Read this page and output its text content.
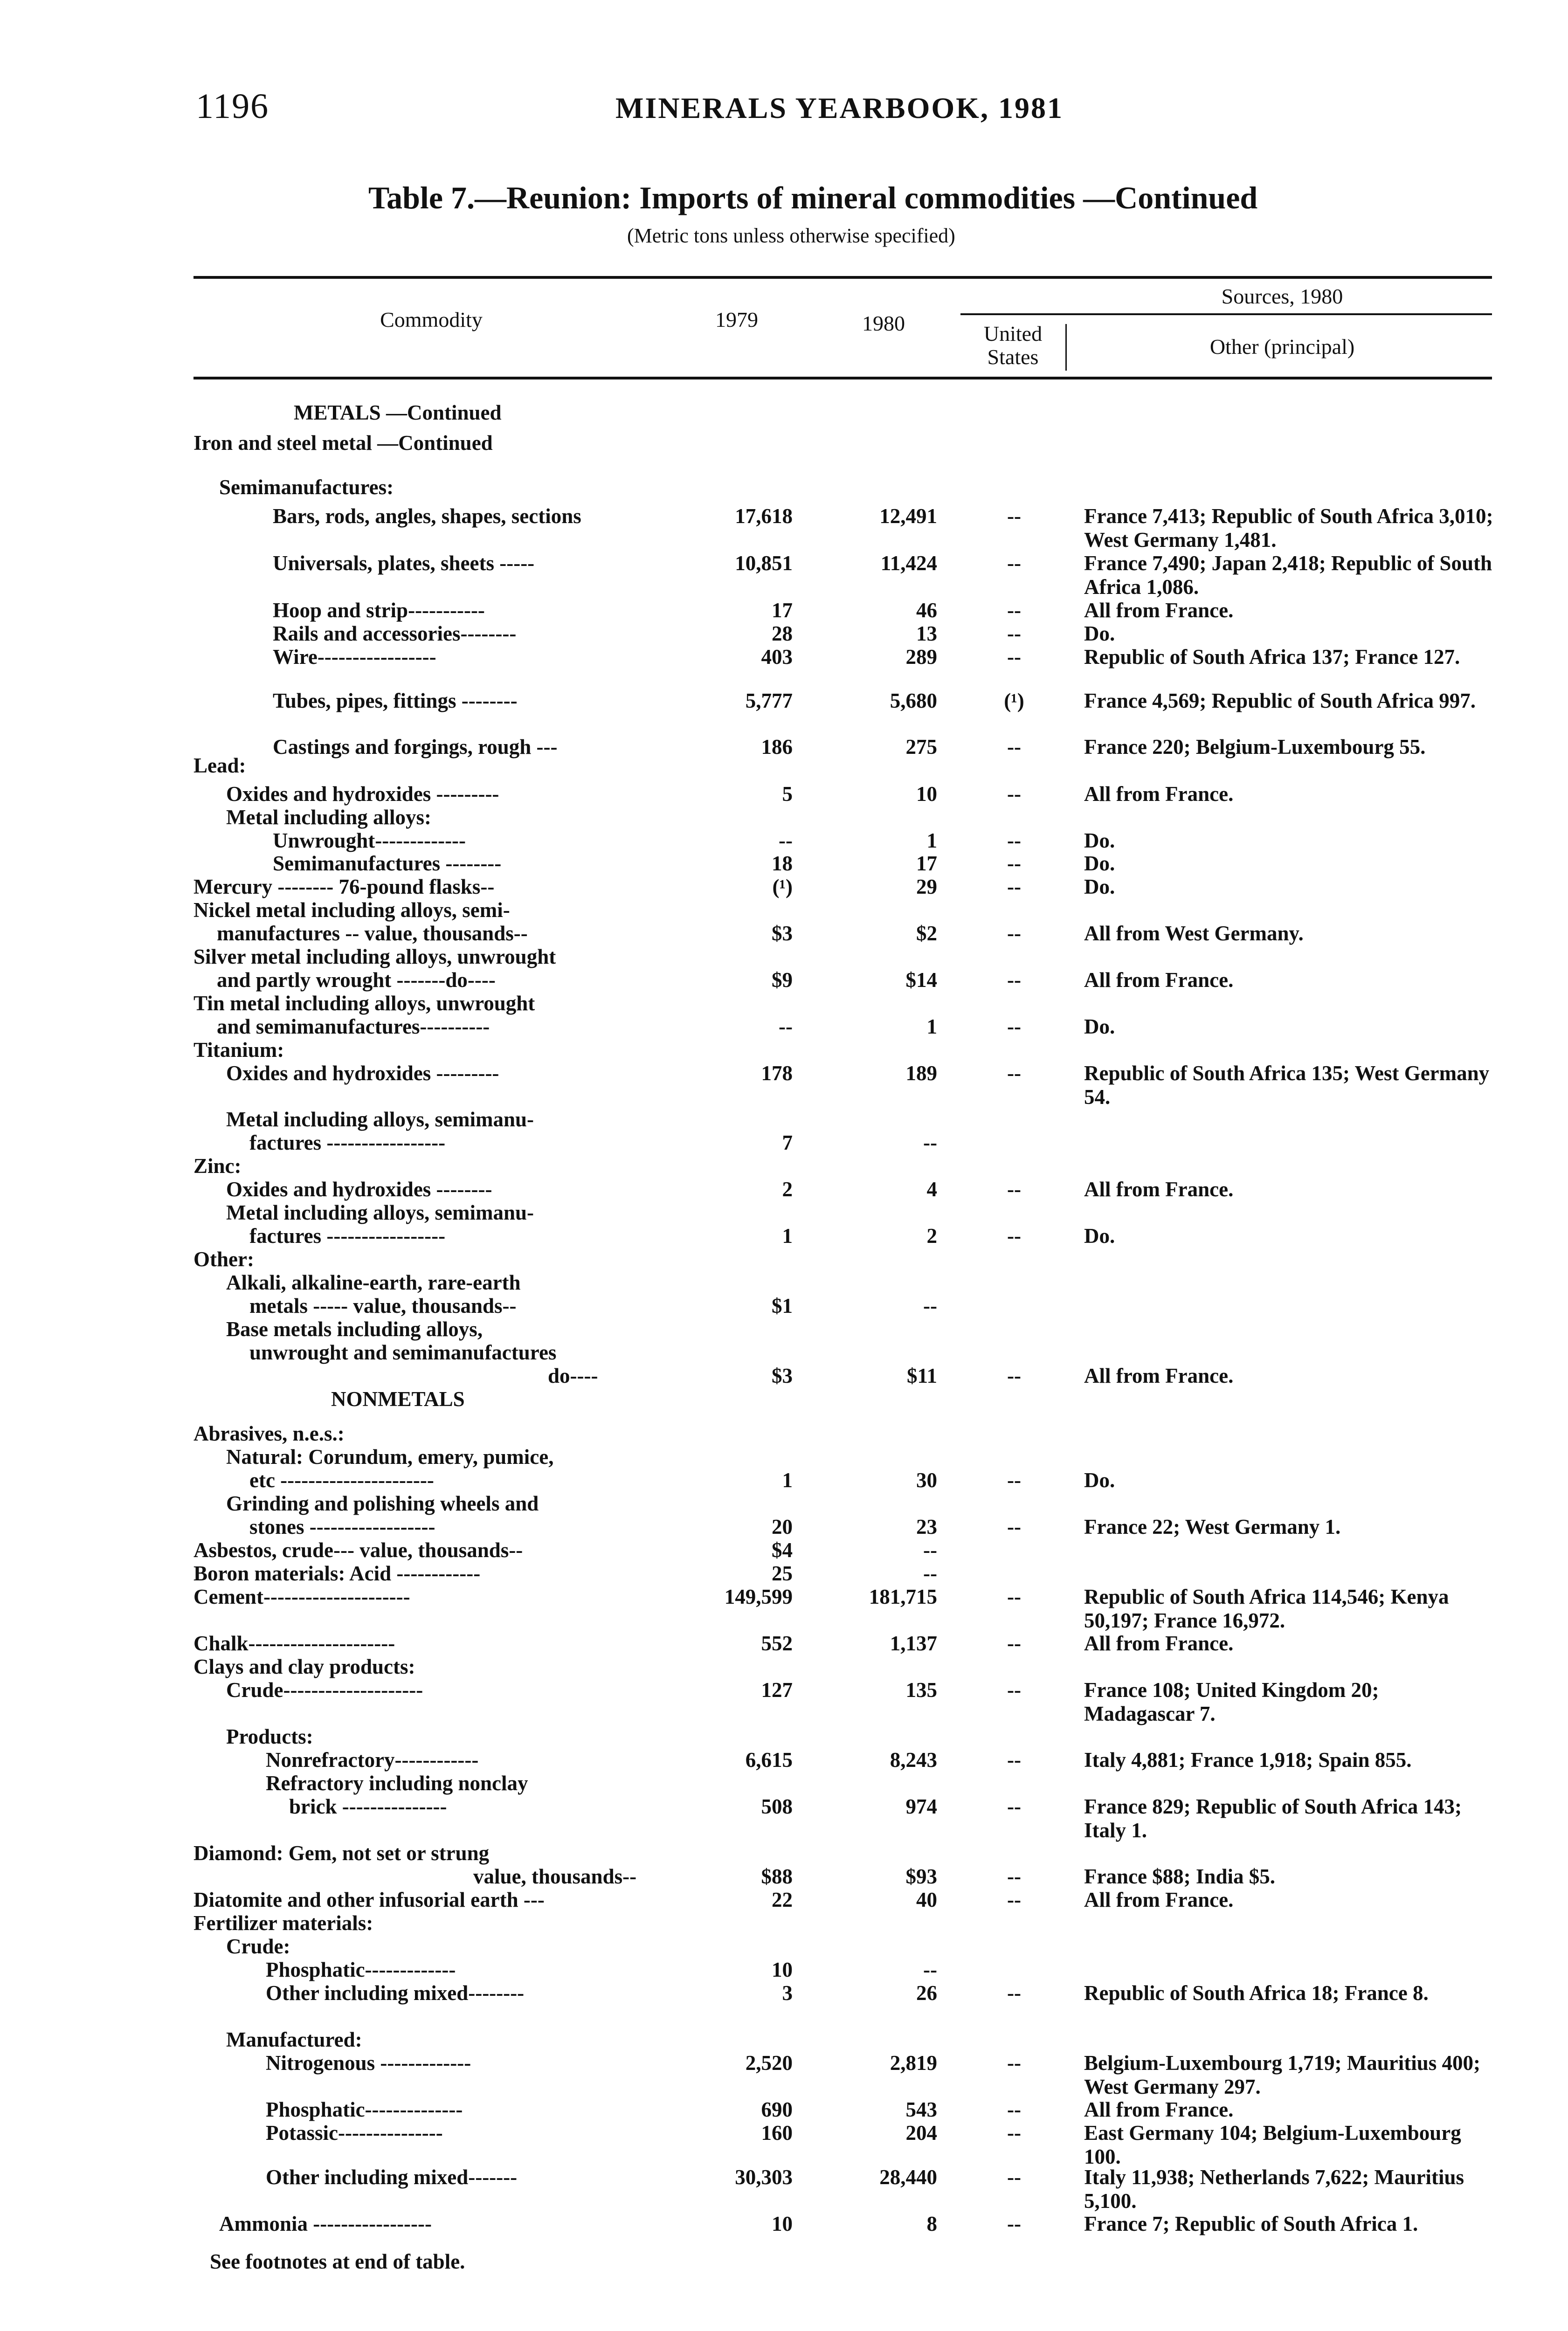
1196	MINERALS YEARBOOK, 1981
Table 7.—Reunion: Imports of mineral commodities —Continued
(Metric tons unless otherwise specified)
Commodity	1979	1980
Sources, 1980
United
States	Other (principal)
METALS —Continued
Iron and steel metal —Continued
Semimanufactures:
Bars, rods, angles, shapes, sections	17,618	12,491	--	France 7,413; Republic of South Africa 3,010; West Germany 1,481.
Universals, plates, sheets -----	10,851	11,424	--	France 7,490; Japan 2,418; Republic of South Africa 1,086.
Hoop and strip-----------	17	46	--	All from France.
Rails and accessories--------	28	13	--	Do.
Wire-----------------	403	289	--	Republic of South Africa 137; France 127.
Tubes, pipes, fittings --------	5,777	5,680	(¹)	France 4,569; Republic of South Africa 997.
Castings and forgings, rough ---	186	275	--	France 220; Belgium-Luxembourg 55.
Lead:
Oxides and hydroxides ---------	5	10	--	All from France.
Metal including alloys:
Unwrought-------------	--	1	--	Do.
Semimanufactures --------	18	17	--	Do.
Mercury -------- 76-pound flasks--	(¹)	29	--	Do.
Nickel metal including alloys, semi-
manufactures -- value, thousands--	$3	$2	--	All from West Germany.
Silver metal including alloys, unwrought
and partly wrought -------do----	$9	$14	--	All from France.
Tin metal including alloys, unwrought
and semimanufactures----------	--	1	--	Do.
Titanium:
Oxides and hydroxides ---------	178	189	--	Republic of South Africa 135; West Germany 54.
Metal including alloys, semimanu-
factures -----------------	7	--
Zinc:
Oxides and hydroxides --------	2	4	--	All from France.
Metal including alloys, semimanu-
factures -----------------	1	2	--	Do.
Other:
Alkali, alkaline-earth, rare-earth
metals ----- value, thousands--	$1	--
Base metals including alloys,
unwrought and semimanufactures
do----	$3	$11	--	All from France.
NONMETALS
Abrasives, n.e.s.:
Natural: Corundum, emery, pumice,
etc ----------------------	1	30	--	Do.
Grinding and polishing wheels and
stones ------------------	20	23	--	France 22; West Germany 1.
Asbestos, crude--- value, thousands--	$4	--
Boron materials: Acid ------------	25	--
Cement---------------------	149,599	181,715	--	Republic of South Africa 114,546; Kenya 50,197; France 16,972.
Chalk---------------------	552	1,137	--	All from France.
Clays and clay products:
Crude--------------------	127	135	--	France 108; United Kingdom 20; Madagascar 7.
Products:
Nonrefractory------------	6,615	8,243	--	Italy 4,881; France 1,918; Spain 855.
Refractory including nonclay
brick ---------------	508	974	--	France 829; Republic of South Africa 143; Italy 1.
Diamond: Gem, not set or strung
value, thousands--	$88	$93	--	France $88; India $5.
Diatomite and other infusorial earth ---	22	40	--	All from France.
Fertilizer materials:
Crude:
Phosphatic-------------	10	--
Other including mixed--------	3	26	--	Republic of South Africa 18; France 8.
Manufactured:
Nitrogenous -------------	2,520	2,819	--	Belgium-Luxembourg 1,719; Mauritius 400; West Germany 297.
Phosphatic--------------	690	543	--	All from France.
Potassic---------------	160	204	--	East Germany 104; Belgium-Luxembourg 100.
Other including mixed-------	30,303	28,440	--	Italy 11,938; Netherlands 7,622; Mauritius 5,100.
Ammonia -----------------	10	8	--	France 7; Republic of South Africa 1.
See footnotes at end of table.
